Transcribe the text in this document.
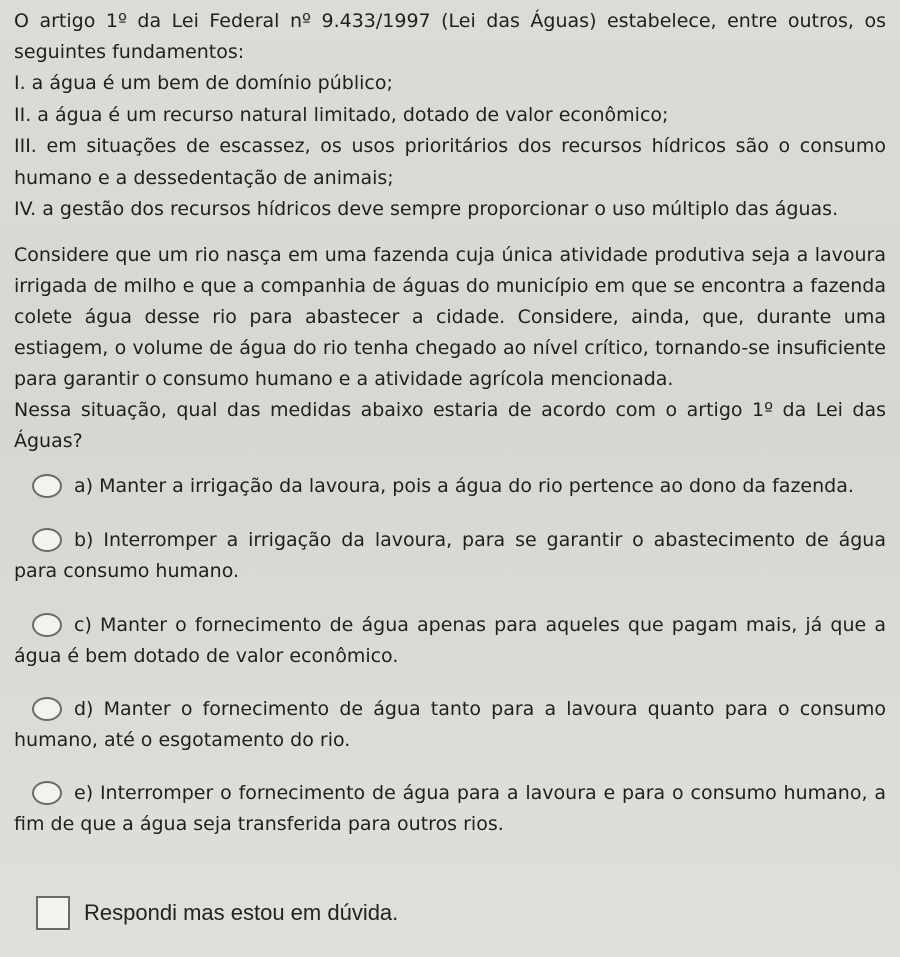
O artigo 1º da Lei Federal nº 9.433/1997 (Lei das Águas) estabelece, entre outros, os seguintes fundamentos:

I. a água é um bem de domínio público;
II. a água é um recurso natural limitado, dotado de valor econômico;
III. em situações de escassez, os usos prioritários dos recursos hídricos são o consumo humano e a dessedentação de animais;
IV. a gestão dos recursos hídricos deve sempre proporcionar o uso múltiplo das águas.

Considere que um rio nasça em uma fazenda cuja única atividade produtiva seja a lavoura irrigada de milho e que a companhia de águas do município em que se encontra a fazenda colete água desse rio para abastecer a cidade. Considere, ainda, que, durante uma estiagem, o volume de água do rio tenha chegado ao nível crítico, tornando-se insuficiente para garantir o consumo humano e a atividade agrícola mencionada.

Nessa situação, qual das medidas abaixo estaria de acordo com o artigo 1º da Lei das Águas?

a) Manter a irrigação da lavoura, pois a água do rio pertence ao dono da fazenda.
b) Interromper a irrigação da lavoura, para se garantir o abastecimento de água para consumo humano.
c) Manter o fornecimento de água apenas para aqueles que pagam mais, já que a água é bem dotado de valor econômico.
d) Manter o fornecimento de água tanto para a lavoura quanto para o consumo humano, até o esgotamento do rio.
e) Interromper o fornecimento de água para a lavoura e para o consumo humano, a fim de que a água seja transferida para outros rios.
Respondi mas estou em dúvida.
